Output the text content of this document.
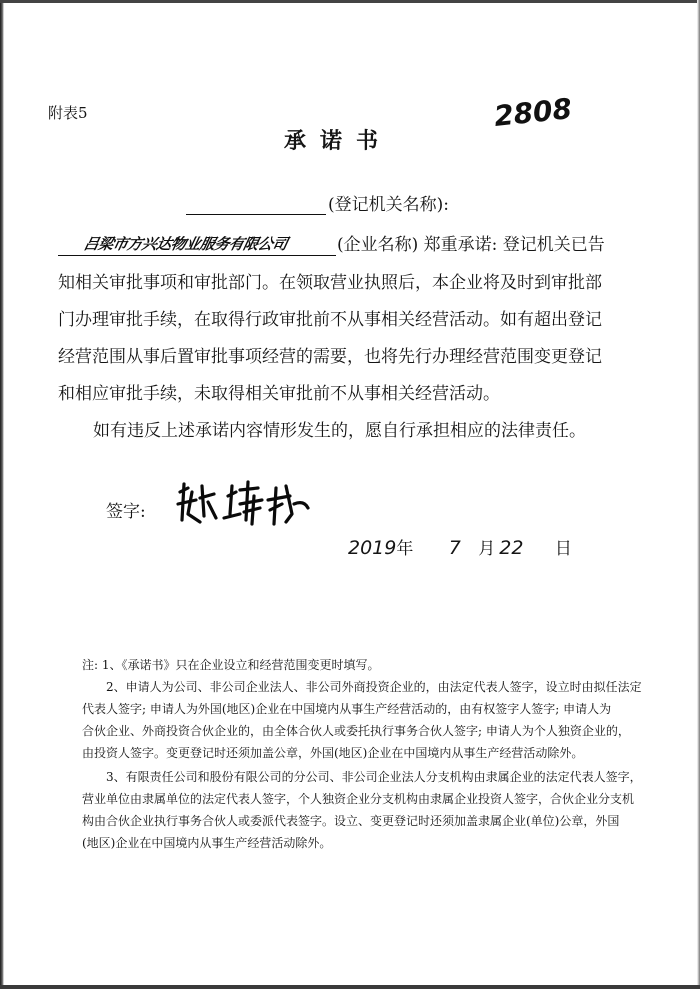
附表5	2808
承诺书
(登记机关名称):
吕梁市方兴达物业服务有限公司	(企业名称) 郑重承诺: 登记机关已告
知相关审批事项和审批部门。在领取营业执照后，本企业将及时到审批部
门办理审批手续，在取得行政审批前不从事相关经营活动。如有超出登记
经营范围从事后置审批事项经营的需要，也将先行办理经营范围变更登记
和相应审批手续，未取得相关审批前不从事相关经营活动。
如有违反上述承诺内容情形发生的，愿自行承担相应的法律责任。
签字:
2019年 7 月 22 日
注: 1、《承诺书》只在企业设立和经营范围变更时填写。
2、申请人为公司、非公司企业法人、非公司外商投资企业的，由法定代表人签字，设立时由拟任法定
代表人签字; 申请人为外国(地区)企业在中国境内从事生产经营活动的，由有权签字人签字; 申请人为
合伙企业、外商投资合伙企业的，由全体合伙人或委托执行事务合伙人签字; 申请人为个人独资企业的，
由投资人签字。变更登记时还须加盖公章，外国(地区)企业在中国境内从事生产经营活动除外。
3、有限责任公司和股份有限公司的分公司、非公司企业法人分支机构由隶属企业的法定代表人签字，
营业单位由隶属单位的法定代表人签字，个人独资企业分支机构由隶属企业投资人签字，合伙企业分支机
构由合伙企业执行事务合伙人或委派代表签字。设立、变更登记时还须加盖隶属企业(单位)公章，外国
(地区)企业在中国境内从事生产经营活动除外。
